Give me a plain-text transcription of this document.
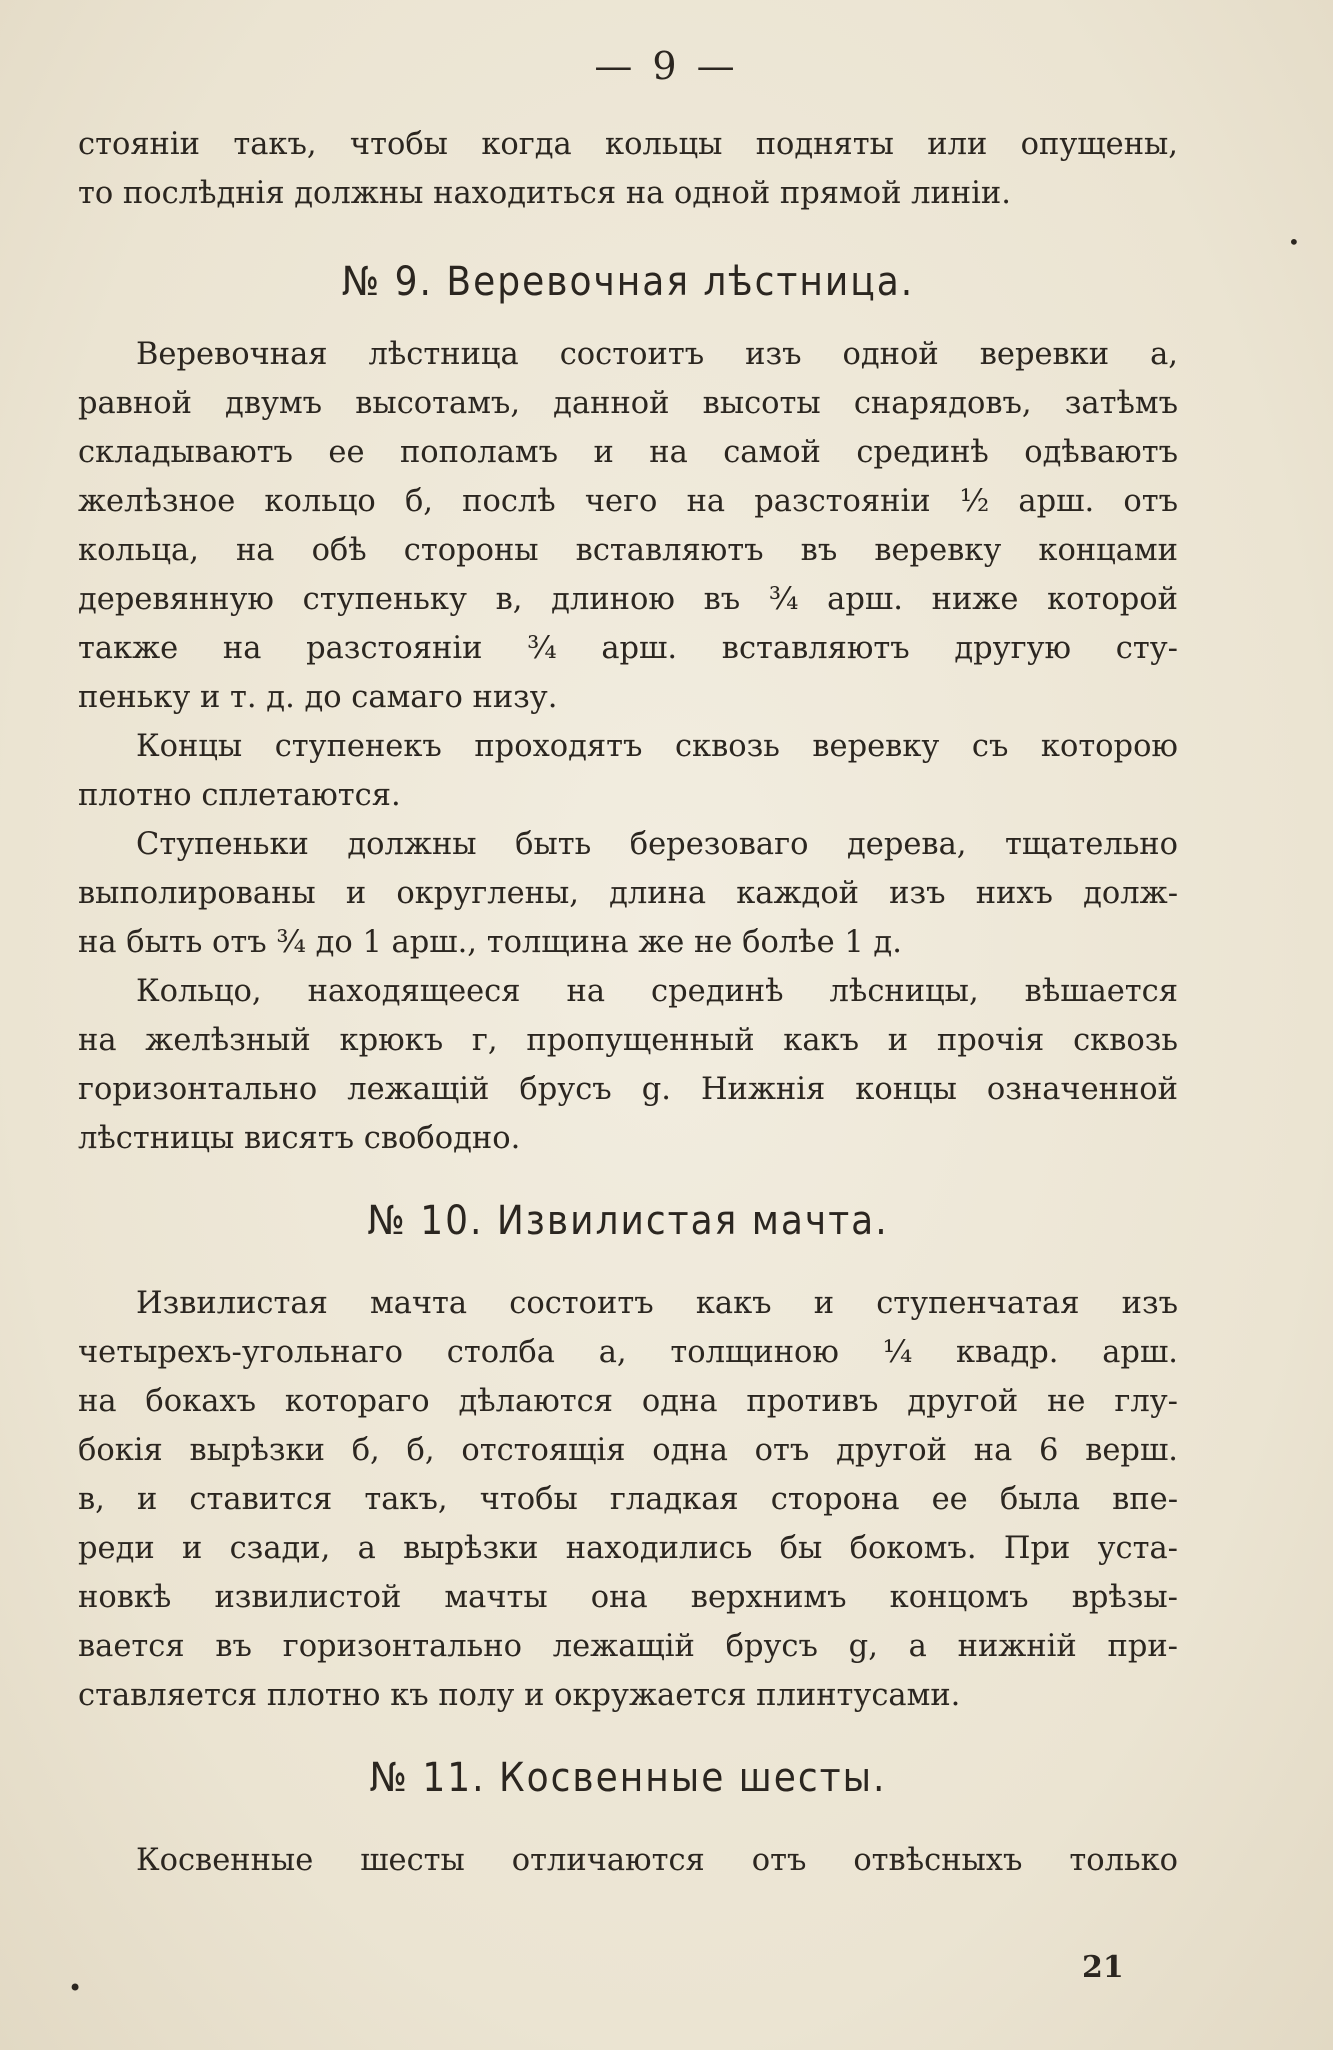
— 9 —
•
стояніи такъ, чтобы когда кольцы подняты или опущены,
то послѣднія должны находиться на одной прямой линіи.
№ 9. Веревочная лѣстница.
Веревочная лѣстница состоитъ изъ одной веревки а,
равной двумъ высотамъ, данной высоты снарядовъ, затѣмъ
складываютъ ее пополамъ и на самой срединѣ одѣваютъ
желѣзное кольцо б, послѣ чего на разстояніи ½ арш. отъ
кольца, на обѣ стороны вставляютъ въ веревку концами
деревянную ступеньку в, длиною въ ¾ арш. ниже которой
также на разстояніи ¾ арш. вставляютъ другую сту-
пеньку и т. д. до самаго низу.
Концы ступенекъ проходятъ сквозь веревку съ которою
плотно сплетаются.
Ступеньки должны быть березоваго дерева, тщательно
выполированы и округлены, длина каждой изъ нихъ долж-
на быть отъ ¾ до 1 арш., толщина же не болѣе 1 д.
Кольцо, находящееся на срединѣ лѣсницы, вѣшается
на желѣзный крюкъ г, пропущенный какъ и прочія сквозь
горизонтально лежащій брусъ g. Нижнія концы означенной
лѣстницы висятъ свободно.
№ 10. Извилистая мачта.
Извилистая мачта состоитъ какъ и ступенчатая изъ
четырехъ-угольнаго столба а, толщиною ¼ квадр. арш.
на бокахъ котораго дѣлаются одна противъ другой не глу-
бокія вырѣзки б, б, отстоящія одна отъ другой на 6 верш.
в, и ставится такъ, чтобы гладкая сторона ее была впе-
реди и сзади, а вырѣзки находились бы бокомъ. При уста-
новкѣ извилистой мачты она верхнимъ концомъ врѣзы-
вается въ горизонтально лежащій брусъ g, а нижній при-
ставляется плотно къ полу и окружается плинтусами.
№ 11. Косвенные шесты.
Косвенные шесты отличаются отъ отвѣсныхъ только
•
21
